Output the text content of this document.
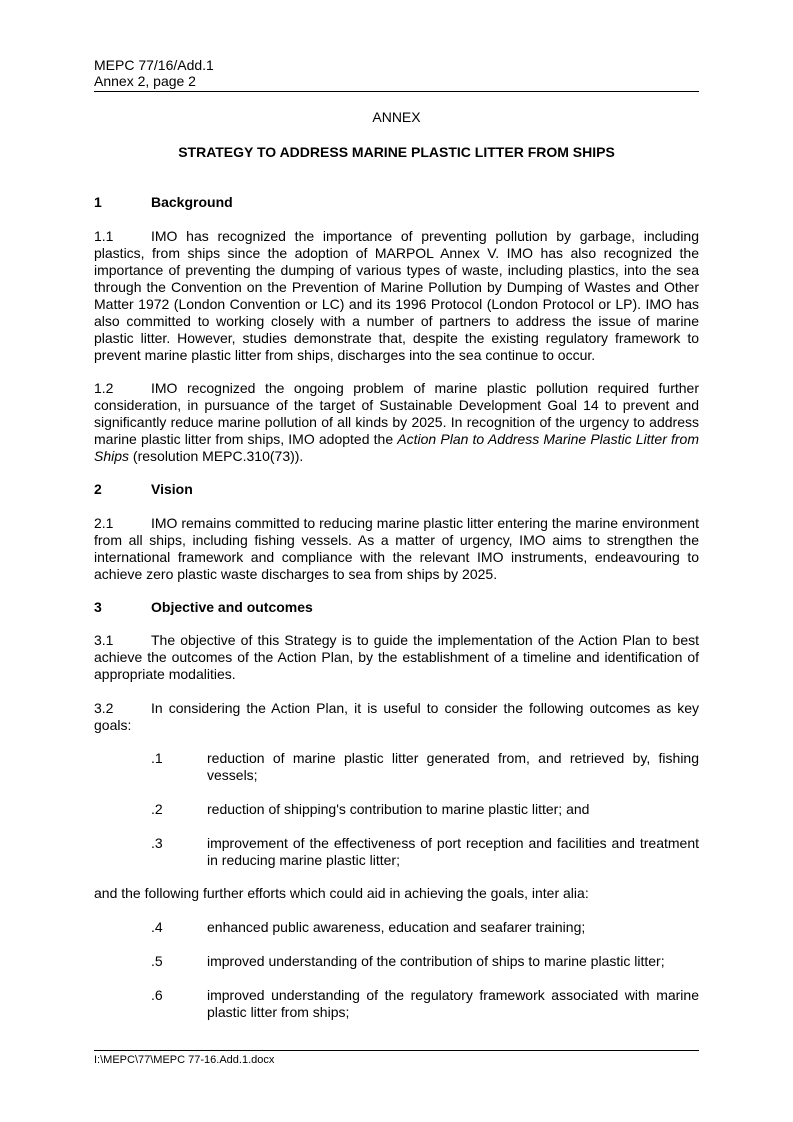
MEPC 77/16/Add.1
Annex 2, page 2
ANNEX
STRATEGY TO ADDRESS MARINE PLASTIC LITTER FROM SHIPS
1	Background

1.1	IMO has recognized the importance of preventing pollution by garbage, including plastics, from ships since the adoption of MARPOL Annex V. IMO has also recognized the importance of preventing the dumping of various types of waste, including plastics, into the sea through the Convention on the Prevention of Marine Pollution by Dumping of Wastes and Other Matter 1972 (London Convention or LC) and its 1996 Protocol (London Protocol or LP). IMO has also committed to working closely with a number of partners to address the issue of marine plastic litter. However, studies demonstrate that, despite the existing regulatory framework to prevent marine plastic litter from ships, discharges into the sea continue to occur.

1.2	IMO recognized the ongoing problem of marine plastic pollution required further consideration, in pursuance of the target of Sustainable Development Goal 14 to prevent and significantly reduce marine pollution of all kinds by 2025. In recognition of the urgency to address marine plastic litter from ships, IMO adopted the Action Plan to Address Marine Plastic Litter from Ships (resolution MEPC.310(73)).

2	Vision

2.1	IMO remains committed to reducing marine plastic litter entering the marine environment from all ships, including fishing vessels. As a matter of urgency, IMO aims to strengthen the international framework and compliance with the relevant IMO instruments, endeavouring to achieve zero plastic waste discharges to sea from ships by 2025.

3	Objective and outcomes

3.1	The objective of this Strategy is to guide the implementation of the Action Plan to best achieve the outcomes of the Action Plan, by the establishment of a timeline and identification of appropriate modalities.

3.2	In considering the Action Plan, it is useful to consider the following outcomes as key goals:

.1	reduction of marine plastic litter generated from, and retrieved by, fishing vessels;
.2	reduction of shipping's contribution to marine plastic litter; and
.3	improvement of the effectiveness of port reception and facilities and treatment in reducing marine plastic litter;

and the following further efforts which could aid in achieving the goals, inter alia:

.4	enhanced public awareness, education and seafarer training;
.5	improved understanding of the contribution of ships to marine plastic litter;
.6	improved understanding of the regulatory framework associated with marine plastic litter from ships;
I:\MEPC\77\MEPC 77-16.Add.1.docx
